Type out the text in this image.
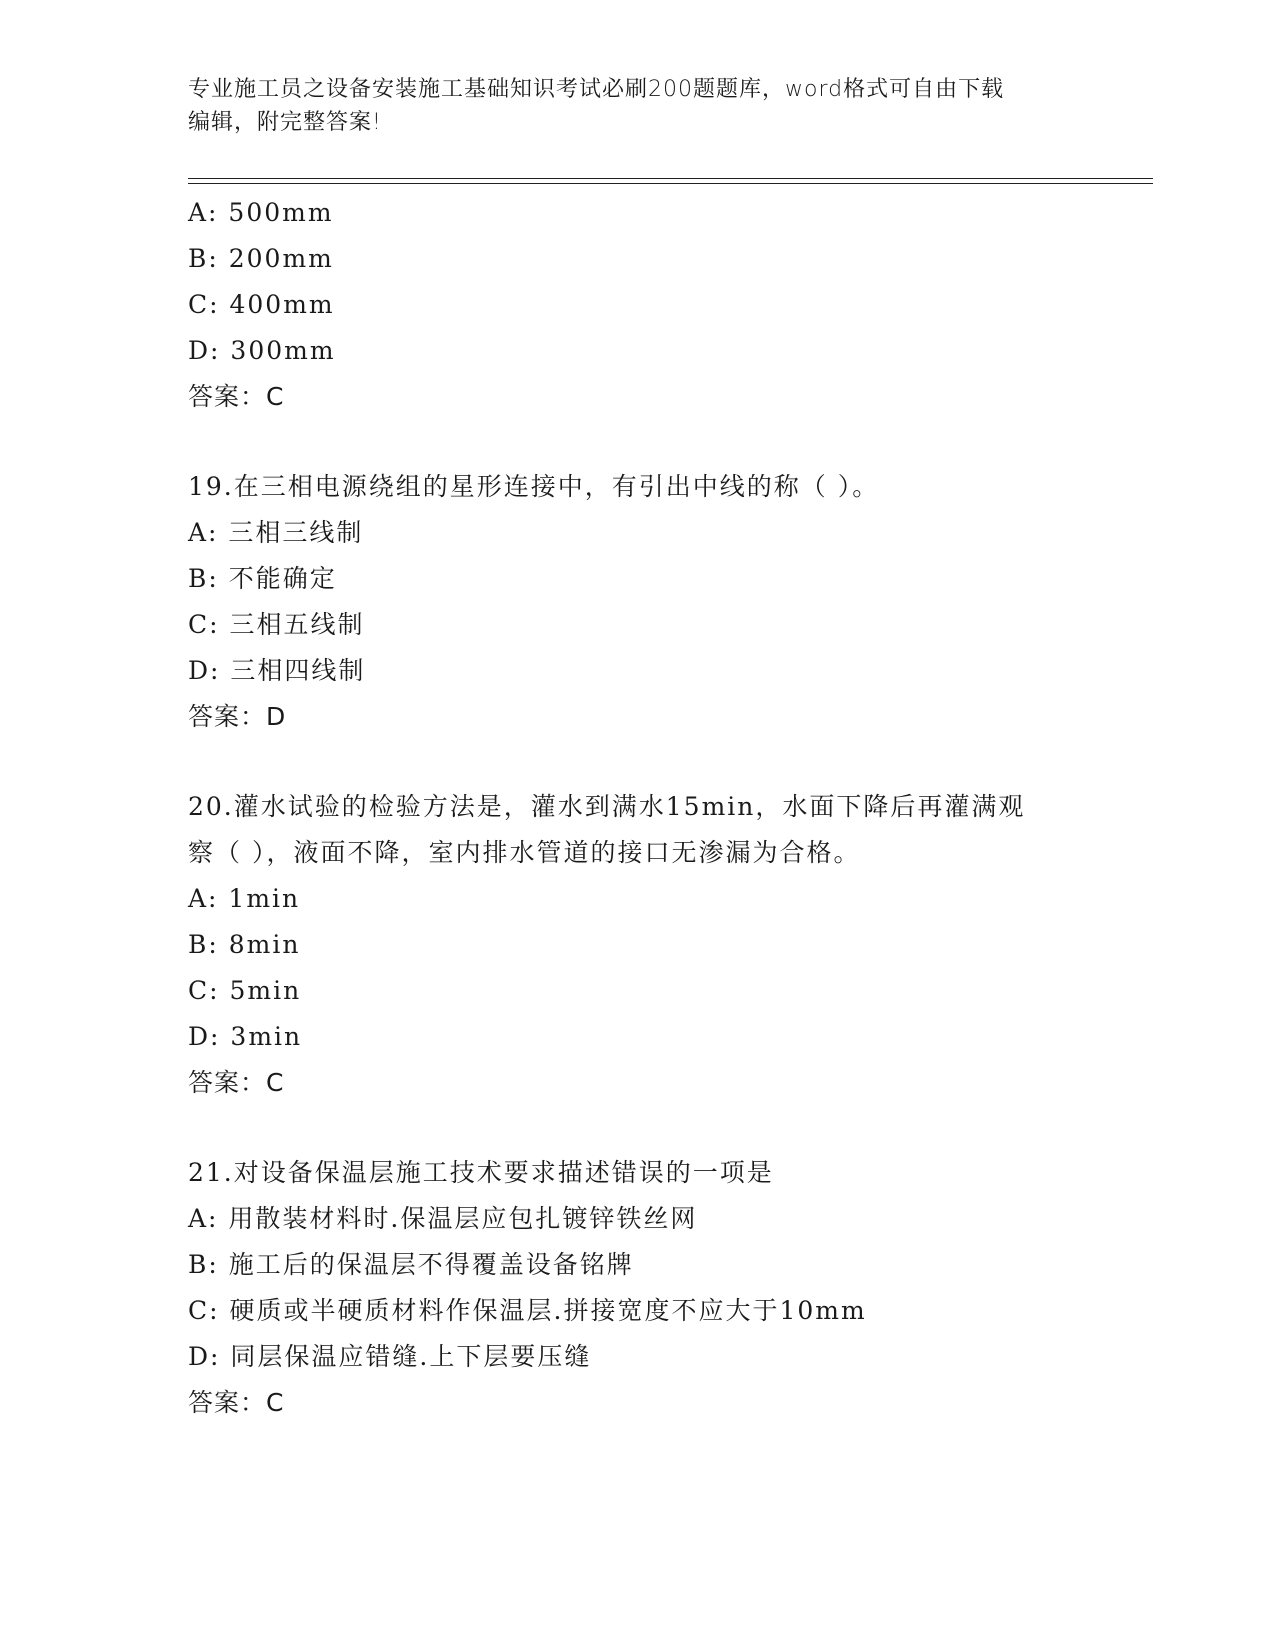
专业施工员之设备安装施工基础知识考试必刷200题题库，word格式可自由下载
编辑，附完整答案!
A: 500mm
B: 200mm
C: 400mm
D: 300mm
答案：C
19.在三相电源绕组的星形连接中，有引出中线的称（ ）。
A: 三相三线制
B: 不能确定
C: 三相五线制
D: 三相四线制
答案：D
20.灌水试验的检验方法是，灌水到满水15min，水面下降后再灌满观
察（ ），液面不降，室内排水管道的接口无渗漏为合格。
A: 1min
B: 8min
C: 5min
D: 3min
答案：C
21.对设备保温层施工技术要求描述错误的一项是
A: 用散装材料时.保温层应包扎镀锌铁丝网
B: 施工后的保温层不得覆盖设备铭牌
C: 硬质或半硬质材料作保温层.拼接宽度不应大于10mm
D: 同层保温应错缝.上下层要压缝
答案：C
